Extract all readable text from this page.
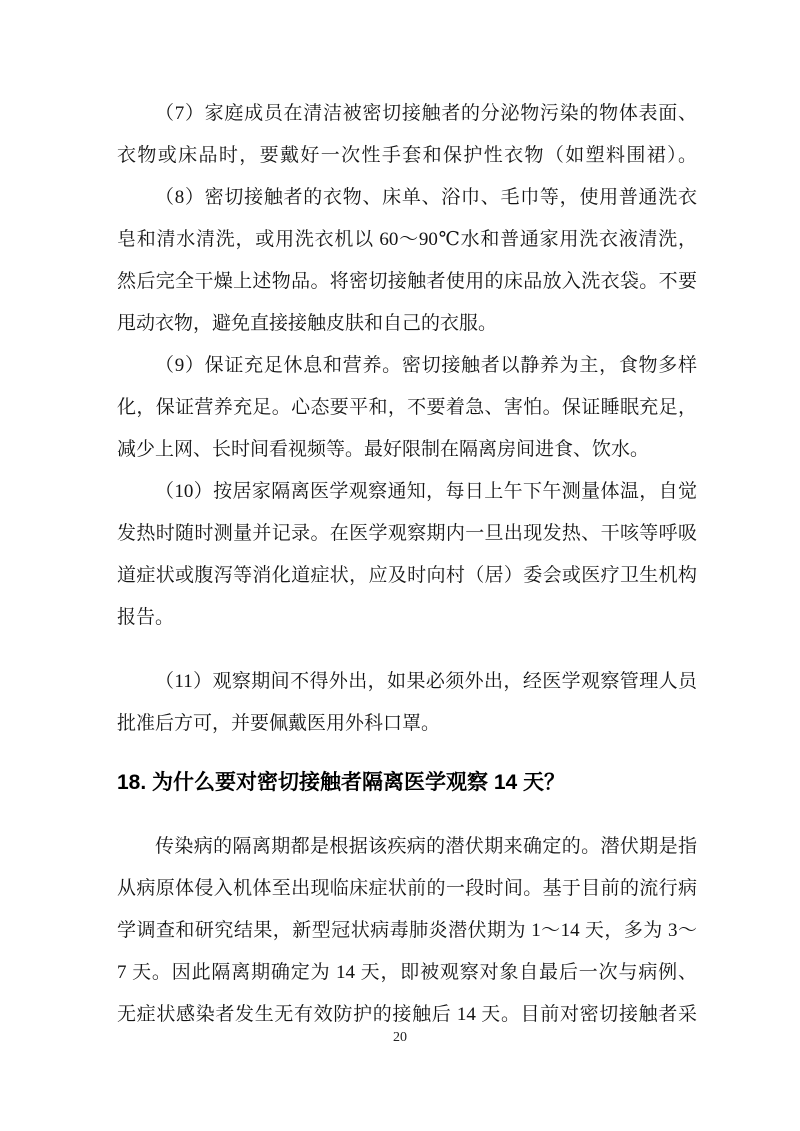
（7）家庭成员在清洁被密切接触者的分泌物污染的物体表面、
衣物或床品时，要戴好一次性手套和保护性衣物（如塑料围裙）。
（8）密切接触者的衣物、床单、浴巾、毛巾等，使用普通洗衣
皂和清水清洗，或用洗衣机以 60～90℃水和普通家用洗衣液清洗，
然后完全干燥上述物品。将密切接触者使用的床品放入洗衣袋。不要
甩动衣物，避免直接接触皮肤和自己的衣服。
（9）保证充足休息和营养。密切接触者以静养为主，食物多样
化，保证营养充足。心态要平和，不要着急、害怕。保证睡眠充足，
减少上网、长时间看视频等。最好限制在隔离房间进食、饮水。
（10）按居家隔离医学观察通知，每日上午下午测量体温，自觉
发热时随时测量并记录。在医学观察期内一旦出现发热、干咳等呼吸
道症状或腹泻等消化道症状，应及时向村（居）委会或医疗卫生机构
报告。
（11）观察期间不得外出，如果必须外出，经医学观察管理人员
批准后方可，并要佩戴医用外科口罩。
18. 为什么要对密切接触者隔离医学观察 14 天？
传染病的隔离期都是根据该疾病的潜伏期来确定的。潜伏期是指
从病原体侵入机体至出现临床症状前的一段时间。基于目前的流行病
学调查和研究结果，新型冠状病毒肺炎潜伏期为 1～14 天，多为 3～
7 天。因此隔离期确定为 14 天，即被观察对象自最后一次与病例、
无症状感染者发生无有效防护的接触后 14 天。目前对密切接触者采
20
